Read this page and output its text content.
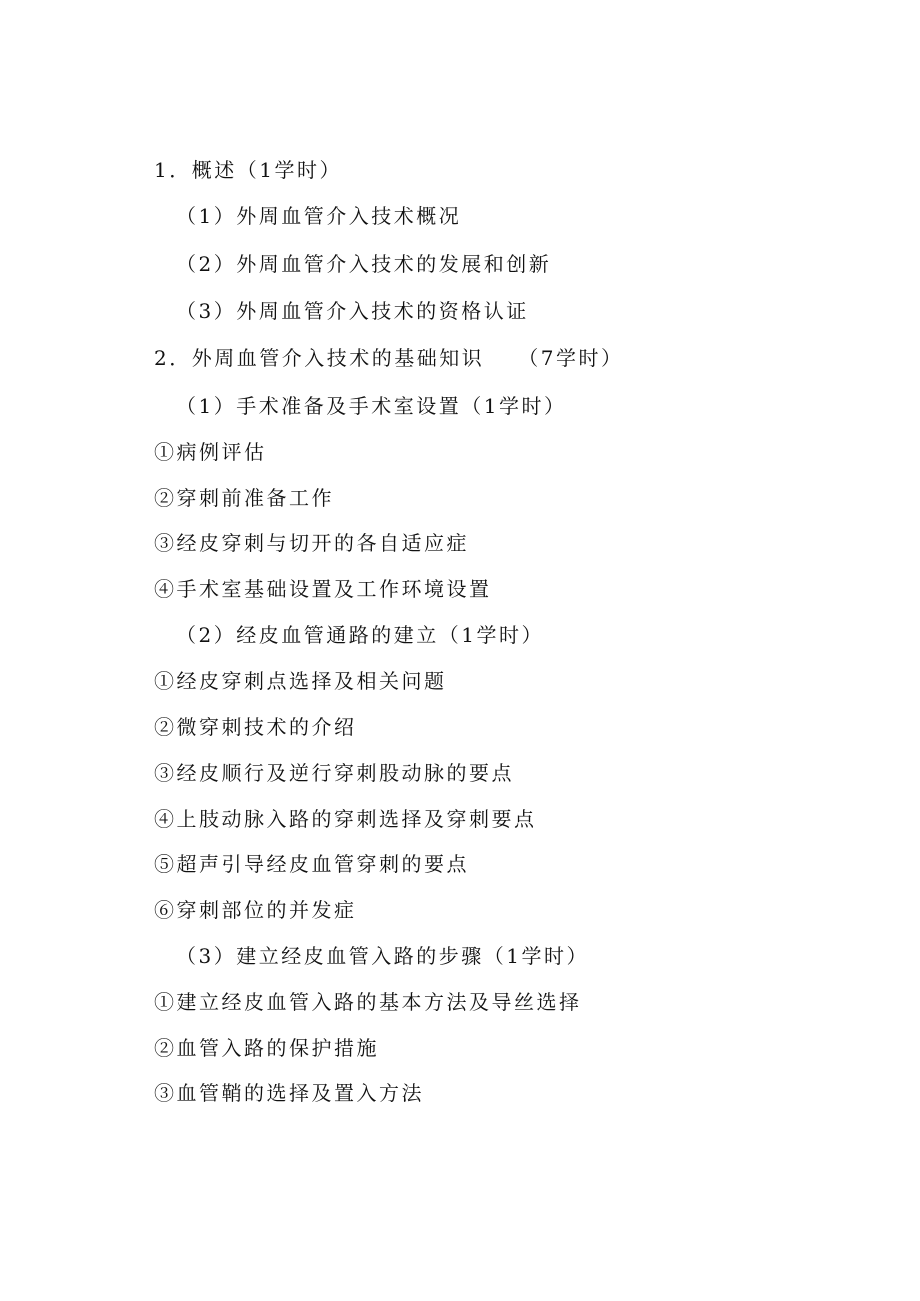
1．概述（1学时）
（1）外周血管介入技术概况
（2）外周血管介入技术的发展和创新
（3）外周血管介入技术的资格认证
2．外周血管介入技术的基础知识 （7学时）
（1）手术准备及手术室设置（1学时）
①病例评估
②穿刺前准备工作
③经皮穿刺与切开的各自适应症
④手术室基础设置及工作环境设置
（2）经皮血管通路的建立（1学时）
①经皮穿刺点选择及相关问题
②微穿刺技术的介绍
③经皮顺行及逆行穿刺股动脉的要点
④上肢动脉入路的穿刺选择及穿刺要点
⑤超声引导经皮血管穿刺的要点
⑥穿刺部位的并发症
（3）建立经皮血管入路的步骤（1学时）
①建立经皮血管入路的基本方法及导丝选择
②血管入路的保护措施
③血管鞘的选择及置入方法
